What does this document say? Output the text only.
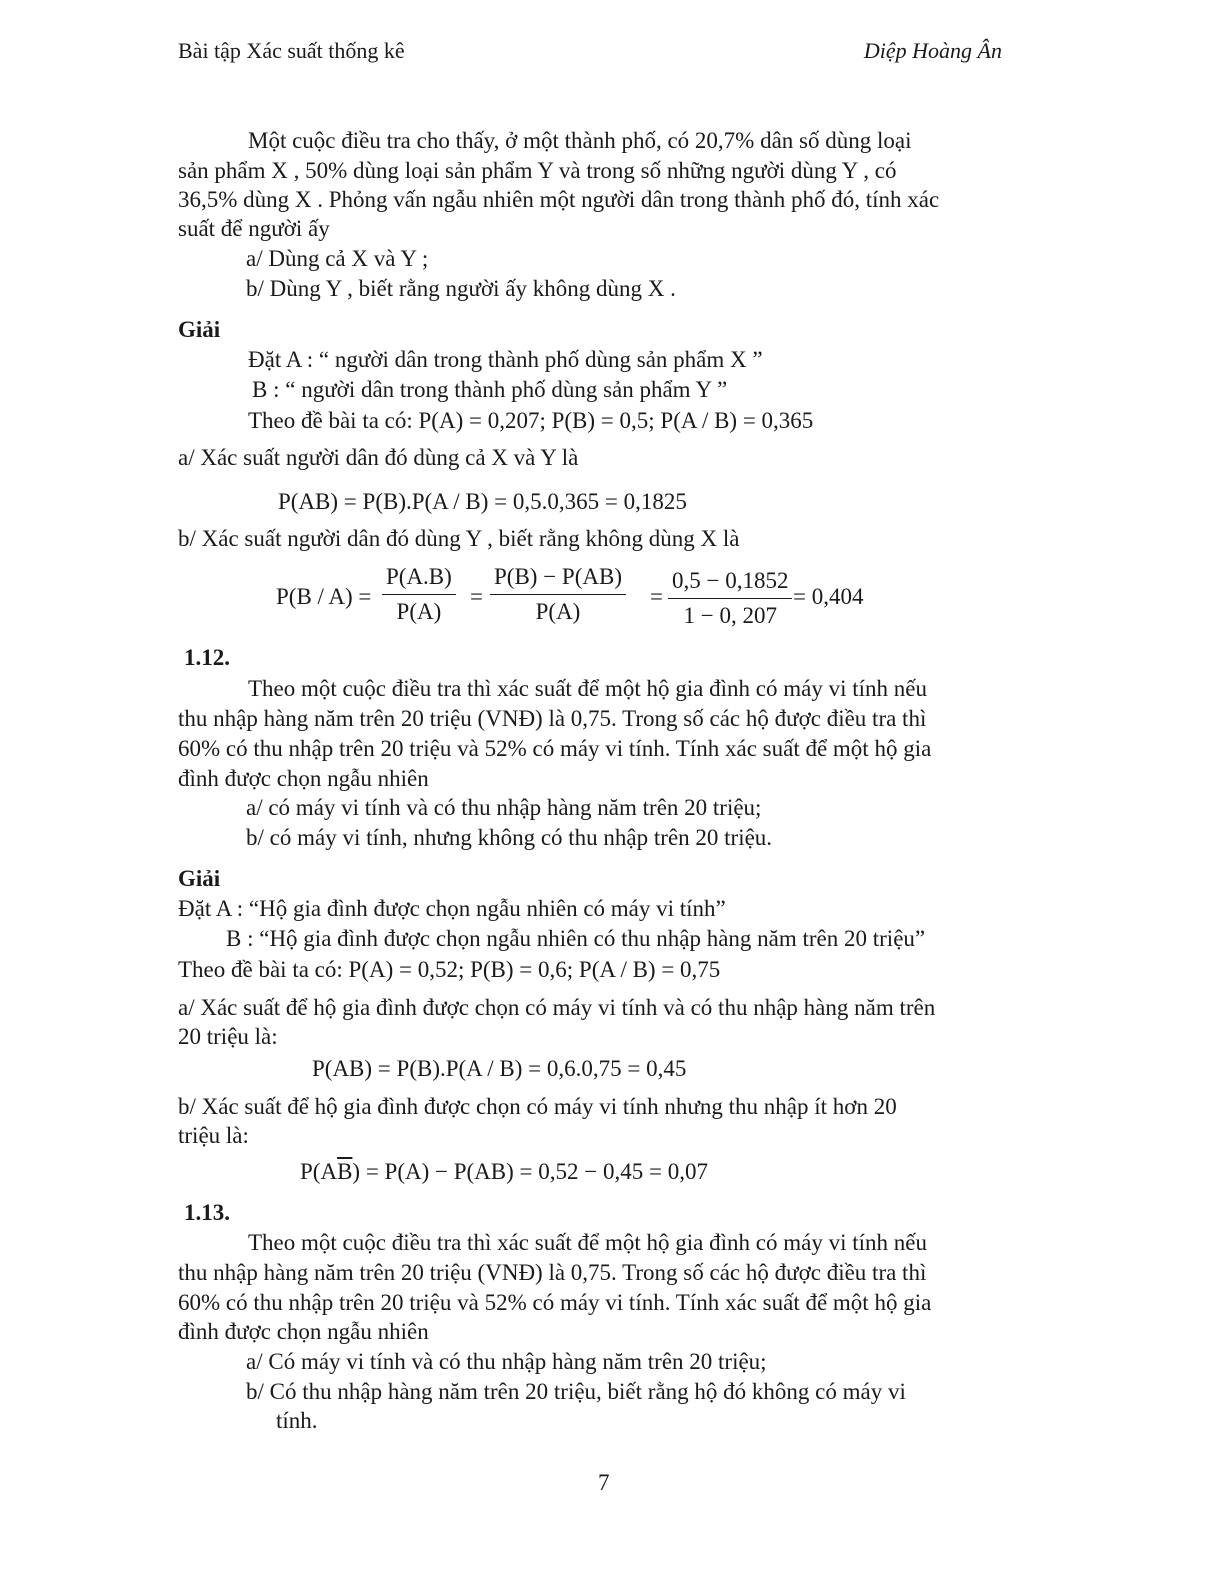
Bài tập Xác suất thống kê	Diệp Hoàng Ân
Một cuộc điều tra cho thấy, ở một thành phố, có 20,7% dân số dùng loại
sản phẩm X , 50% dùng loại sản phẩm Y và trong số những người dùng Y , có
36,5% dùng X . Phỏng vấn ngẫu nhiên một người dân trong thành phố đó, tính xác
suất để người ấy
a/ Dùng cả X và Y ;
b/ Dùng Y , biết rằng người ấy không dùng X .
Giải
Đặt A : “ người dân trong thành phố dùng sản phẩm X ”
B : “ người dân trong thành phố dùng sản phẩm Y ”
Theo đề bài ta có: P(A) = 0,207; P(B) = 0,5; P(A / B) = 0,365
a/ Xác suất người dân đó dùng cả X và Y là
P(AB) = P(B).P(A / B) = 0,5.0,365 = 0,1825
b/ Xác suất người dân đó dùng Y , biết rằng không dùng X là
P(B / A) =
P(A.B)
P(A)
=
P(B) − P(AB)
P(A)
=
0,5 − 0,1852
1 − 0, 207
= 0,404
1.12.
Theo một cuộc điều tra thì xác suất để một hộ gia đình có máy vi tính nếu
thu nhập hàng năm trên 20 triệu (VNĐ) là 0,75. Trong số các hộ được điều tra thì
60% có thu nhập trên 20 triệu và 52% có máy vi tính. Tính xác suất để một hộ gia
đình được chọn ngẫu nhiên
a/ có máy vi tính và có thu nhập hàng năm trên 20 triệu;
b/ có máy vi tính, nhưng không có thu nhập trên 20 triệu.
Giải
Đặt A : “Hộ gia đình được chọn ngẫu nhiên có máy vi tính”
B : “Hộ gia đình được chọn ngẫu nhiên có thu nhập hàng năm trên 20 triệu”
Theo đề bài ta có: P(A) = 0,52; P(B) = 0,6; P(A / B) = 0,75
a/ Xác suất để hộ gia đình được chọn có máy vi tính và có thu nhập hàng năm trên
20 triệu là:
P(AB) = P(B).P(A / B) = 0,6.0,75 = 0,45
b/ Xác suất để hộ gia đình được chọn có máy vi tính nhưng thu nhập ít hơn 20
triệu là:
$P(A\overline{B}) = P(A) - P(AB) = 0,52 - 0,45 = 0,07$
1.13.
Theo một cuộc điều tra thì xác suất để một hộ gia đình có máy vi tính nếu
thu nhập hàng năm trên 20 triệu (VNĐ) là 0,75. Trong số các hộ được điều tra thì
60% có thu nhập trên 20 triệu và 52% có máy vi tính. Tính xác suất để một hộ gia
đình được chọn ngẫu nhiên
a/ Có máy vi tính và có thu nhập hàng năm trên 20 triệu;
b/ Có thu nhập hàng năm trên 20 triệu, biết rằng hộ đó không có máy vi
tính.
7
